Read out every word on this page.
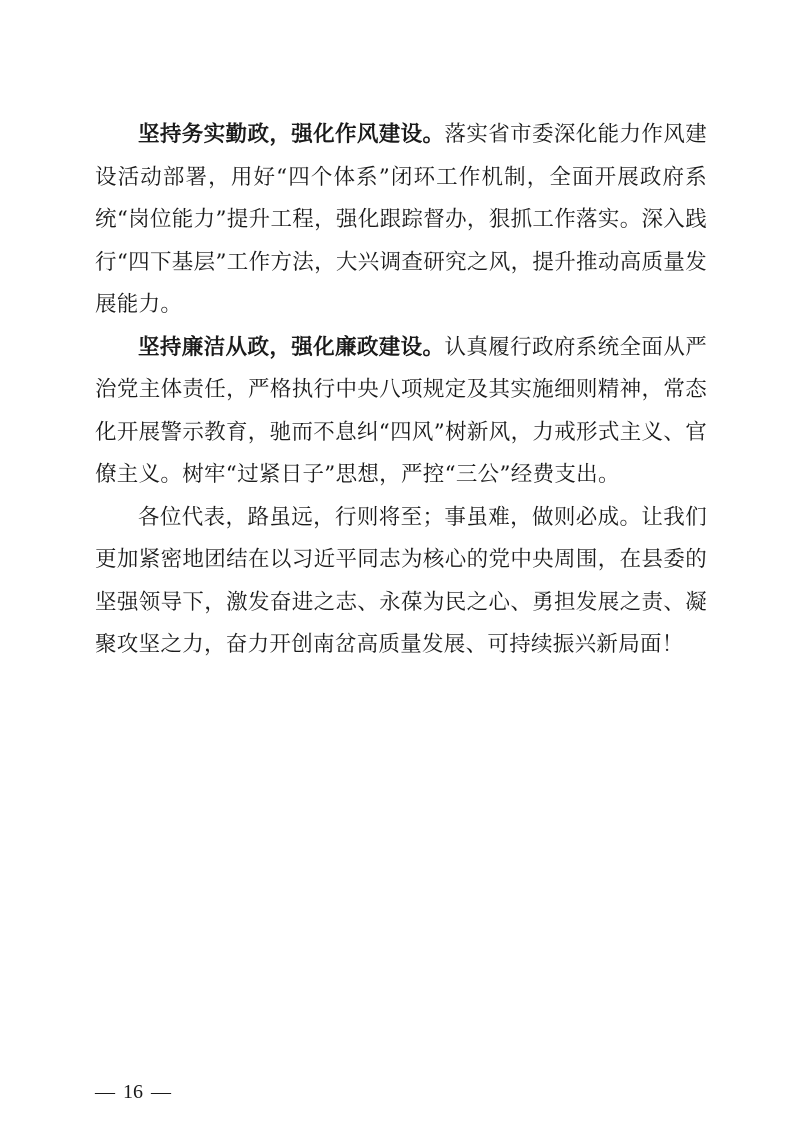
坚持务实勤政，强化作风建设。落实省市委深化能力作风建设活动部署，用好“四个体系”闭环工作机制，全面开展政府系统“岗位能力”提升工程，强化跟踪督办，狠抓工作落实。深入践行“四下基层”工作方法，大兴调查研究之风，提升推动高质量发展能力。

坚持廉洁从政，强化廉政建设。认真履行政府系统全面从严治党主体责任，严格执行中央八项规定及其实施细则精神，常态化开展警示教育，驰而不息纠“四风”树新风，力戒形式主义、官僚主义。树牢“过紧日子”思想，严控“三公”经费支出。

各位代表，路虽远，行则将至；事虽难，做则必成。让我们更加紧密地团结在以习近平同志为核心的党中央周围，在县委的坚强领导下，激发奋进之志、永葆为民之心、勇担发展之责、凝聚攻坚之力，奋力开创南岔高质量发展、可持续振兴新局面！

— 16 —
